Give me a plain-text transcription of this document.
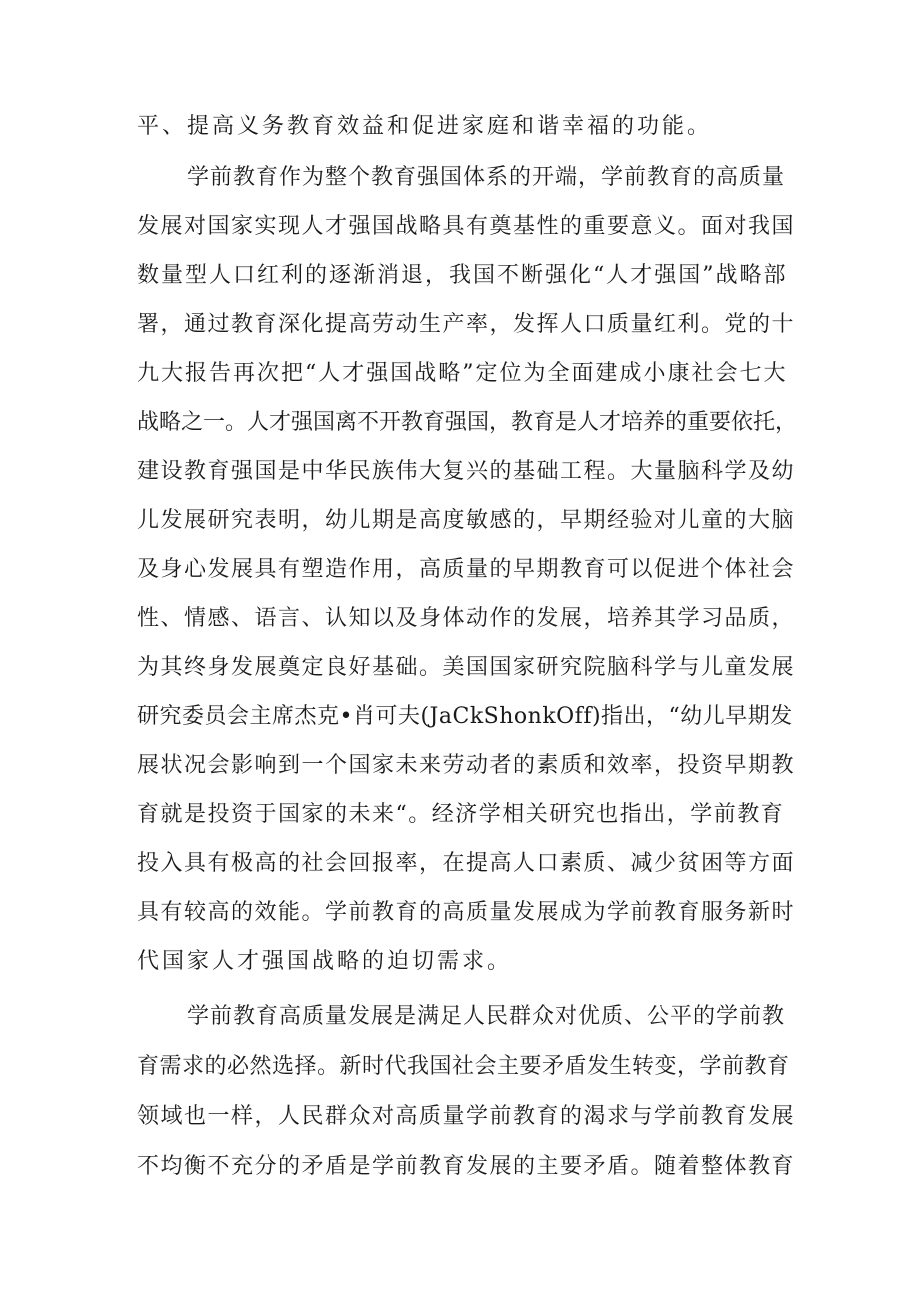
平、提高义务教育效益和促进家庭和谐幸福的功能。
学前教育作为整个教育强国体系的开端，学前教育的高质量
发展对国家实现人才强国战略具有奠基性的重要意义。面对我国
数量型人口红利的逐渐消退，我国不断强化“人才强国”战略部
署，通过教育深化提高劳动生产率，发挥人口质量红利。党的十
九大报告再次把“人才强国战略”定位为全面建成小康社会七大
战略之一。人才强国离不开教育强国，教育是人才培养的重要依托，
建设教育强国是中华民族伟大复兴的基础工程。大量脑科学及幼
儿发展研究表明，幼儿期是高度敏感的，早期经验对儿童的大脑
及身心发展具有塑造作用，高质量的早期教育可以促进个体社会
性、情感、语言、认知以及身体动作的发展，培养其学习品质，
为其终身发展奠定良好基础。美国国家研究院脑科学与儿童发展
研究委员会主席杰克•肖可夫(JaCkShonkOff)指出，“幼儿早期发
展状况会影响到一个国家未来劳动者的素质和效率，投资早期教
育就是投资于国家的未来“。经济学相关研究也指出，学前教育
投入具有极高的社会回报率，在提高人口素质、减少贫困等方面
具有较高的效能。学前教育的高质量发展成为学前教育服务新时
代国家人才强国战略的迫切需求。
学前教育高质量发展是满足人民群众对优质、公平的学前教
育需求的必然选择。新时代我国社会主要矛盾发生转变，学前教育
领域也一样，人民群众对高质量学前教育的渴求与学前教育发展
不均衡不充分的矛盾是学前教育发展的主要矛盾。随着整体教育
